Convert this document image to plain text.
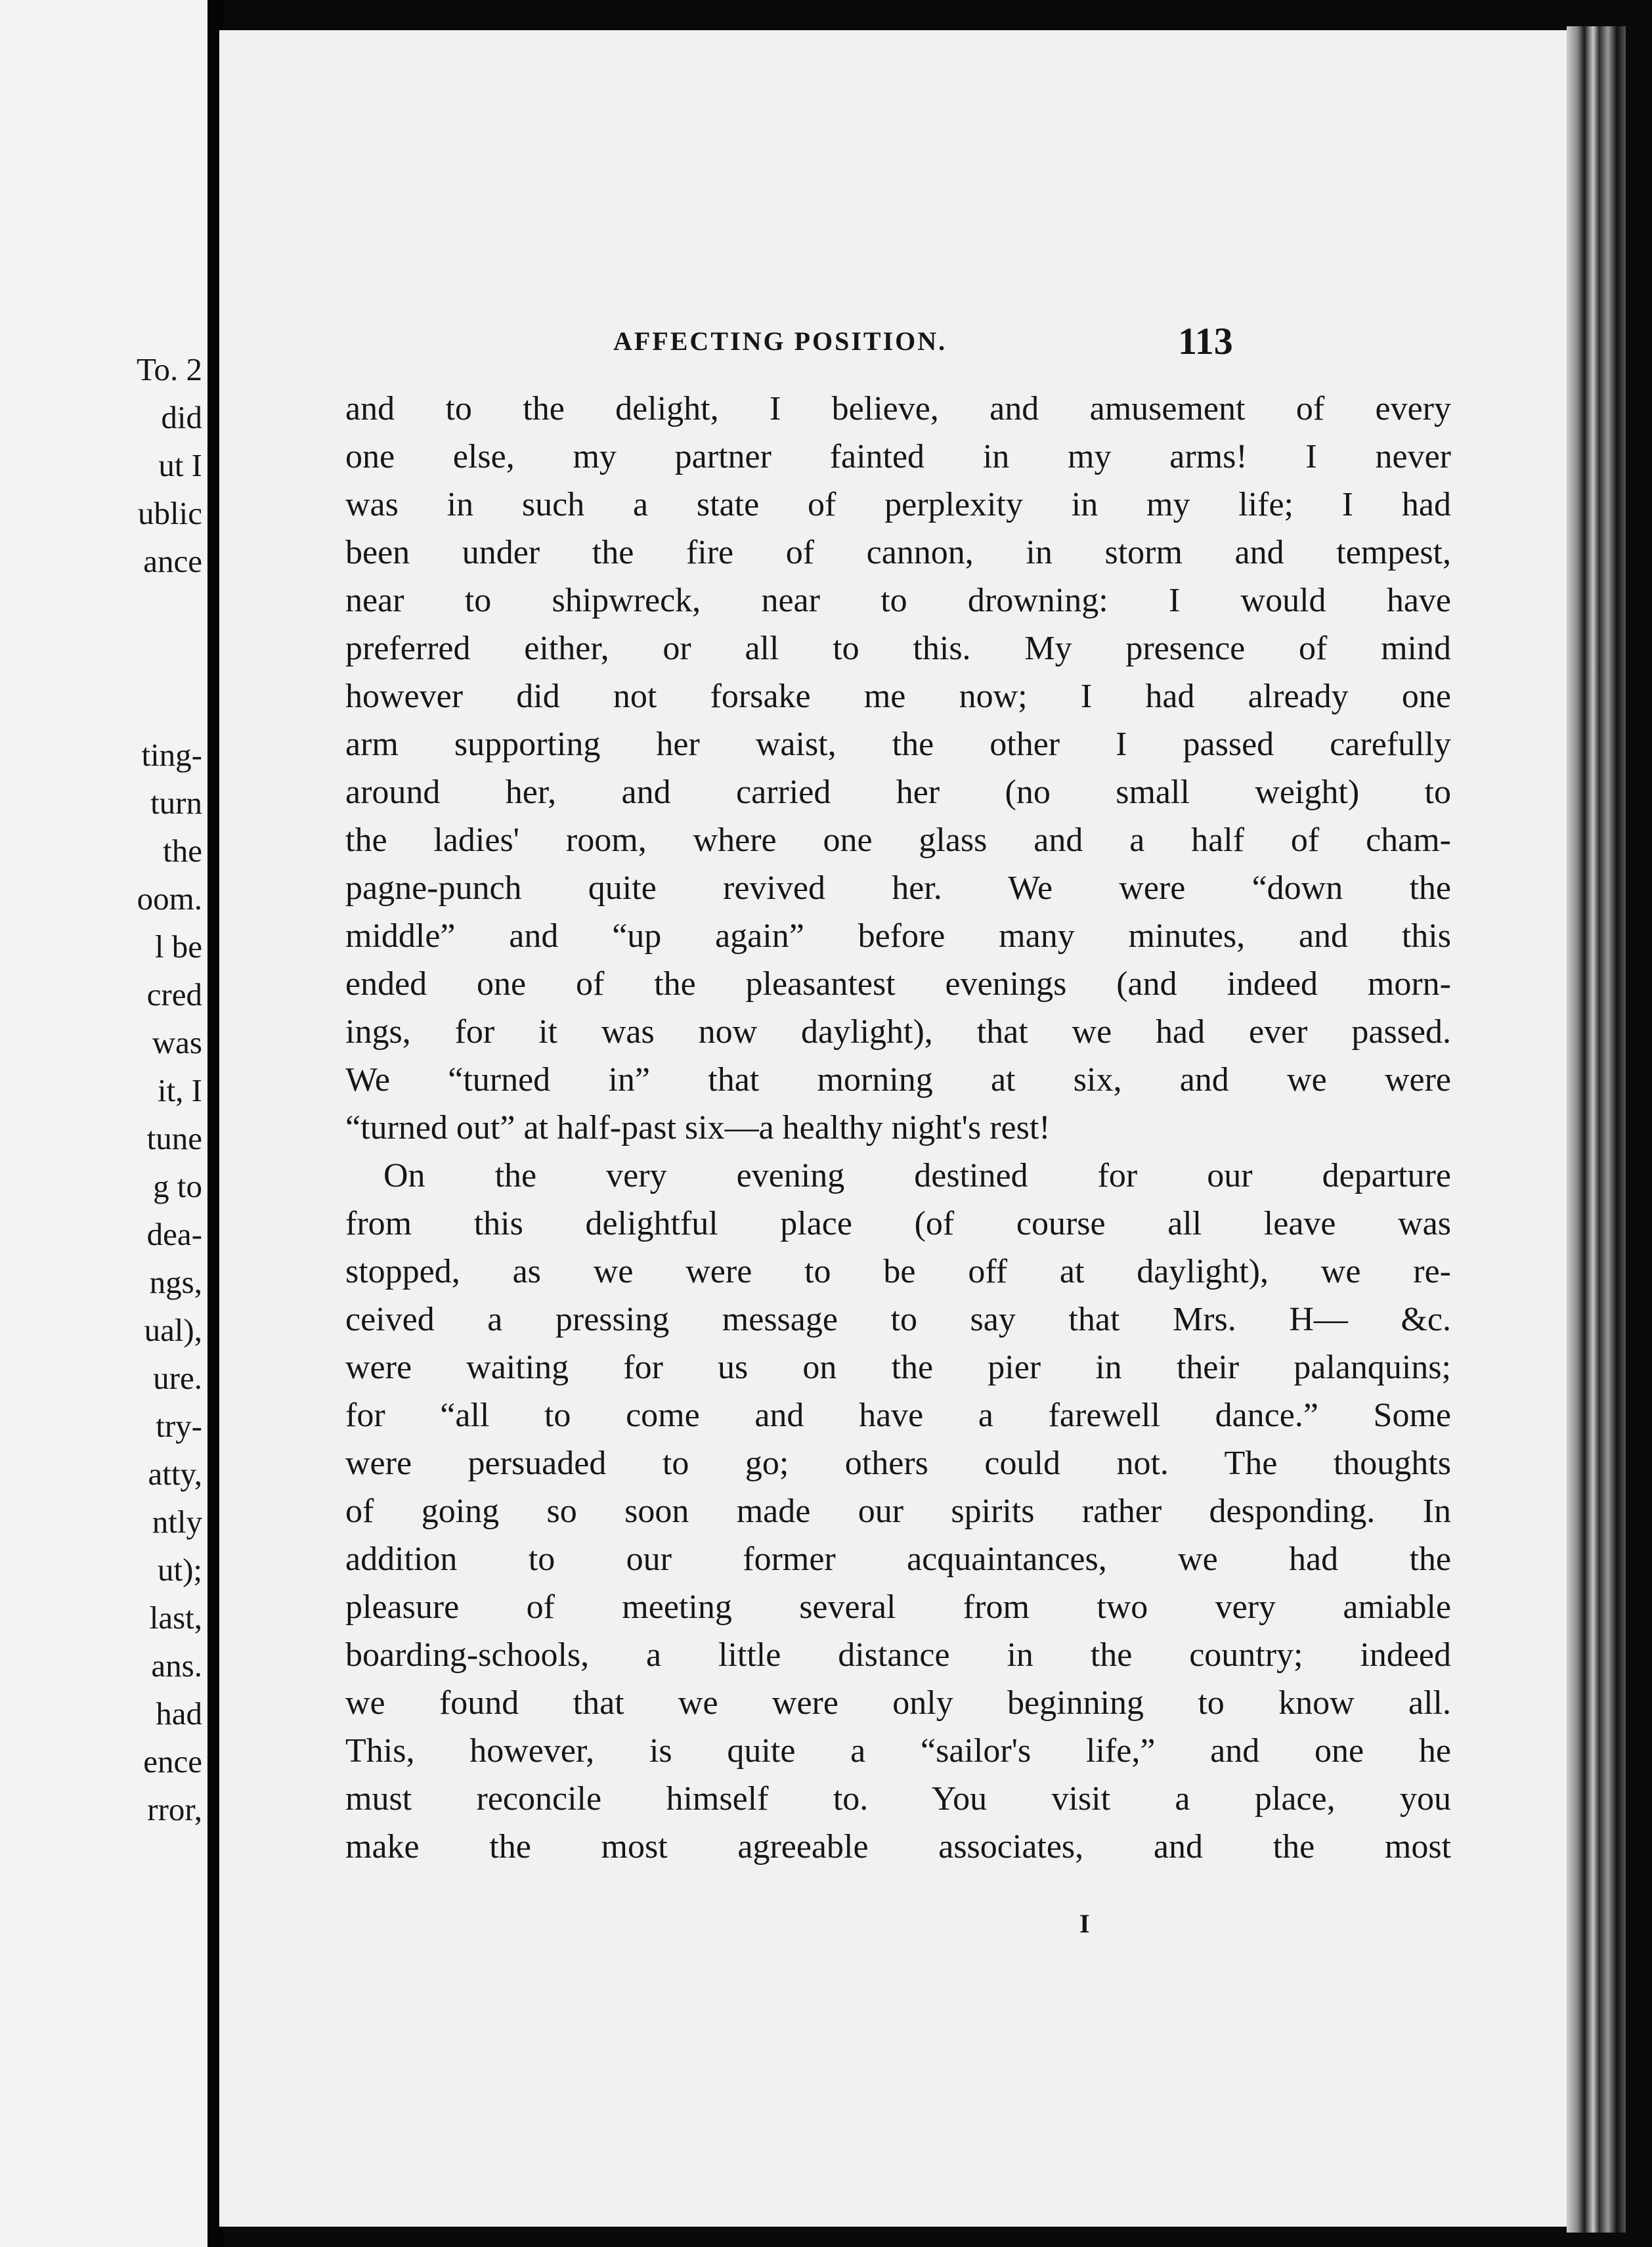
To. 2
did
ut I
ublic
ance
ting-
turn
the
oom.
l be
cred
was
it, I
tune
g to
dea-
ngs,
ual),
ure.
try-
atty,
ntly
ut);
last,
ans.
had
ence
rror,
AFFECTING POSITION.	113
and to the delight, I believe, and amusement of every
one else, my partner fainted in my arms! I never
was in such a state of perplexity in my life; I had
been under the fire of cannon, in storm and tempest,
near to shipwreck, near to drowning: I would have
preferred either, or all to this. My presence of mind
however did not forsake me now; I had already one
arm supporting her waist, the other I passed carefully
around her, and carried her (no small weight) to
the ladies' room, where one glass and a half of cham-
pagne-punch quite revived her. We were “down the
middle” and “up again” before many minutes, and this
ended one of the pleasantest evenings (and indeed morn-
ings, for it was now daylight), that we had ever passed.
We “turned in” that morning at six, and we were
“turned out” at half-past six—a healthy night's rest!
On the very evening destined for our departure
from this delightful place (of course all leave was
stopped, as we were to be off at daylight), we re-
ceived a pressing message to say that Mrs. H— &c.
were waiting for us on the pier in their palanquins;
for “all to come and have a farewell dance.” Some
were persuaded to go; others could not. The thoughts
of going so soon made our spirits rather desponding. In
addition to our former acquaintances, we had the
pleasure of meeting several from two very amiable
boarding-schools, a little distance in the country; indeed
we found that we were only beginning to know all.
This, however, is quite a “sailor's life,” and one he
must reconcile himself to. You visit a place, you
make the most agreeable associates, and the most
I
